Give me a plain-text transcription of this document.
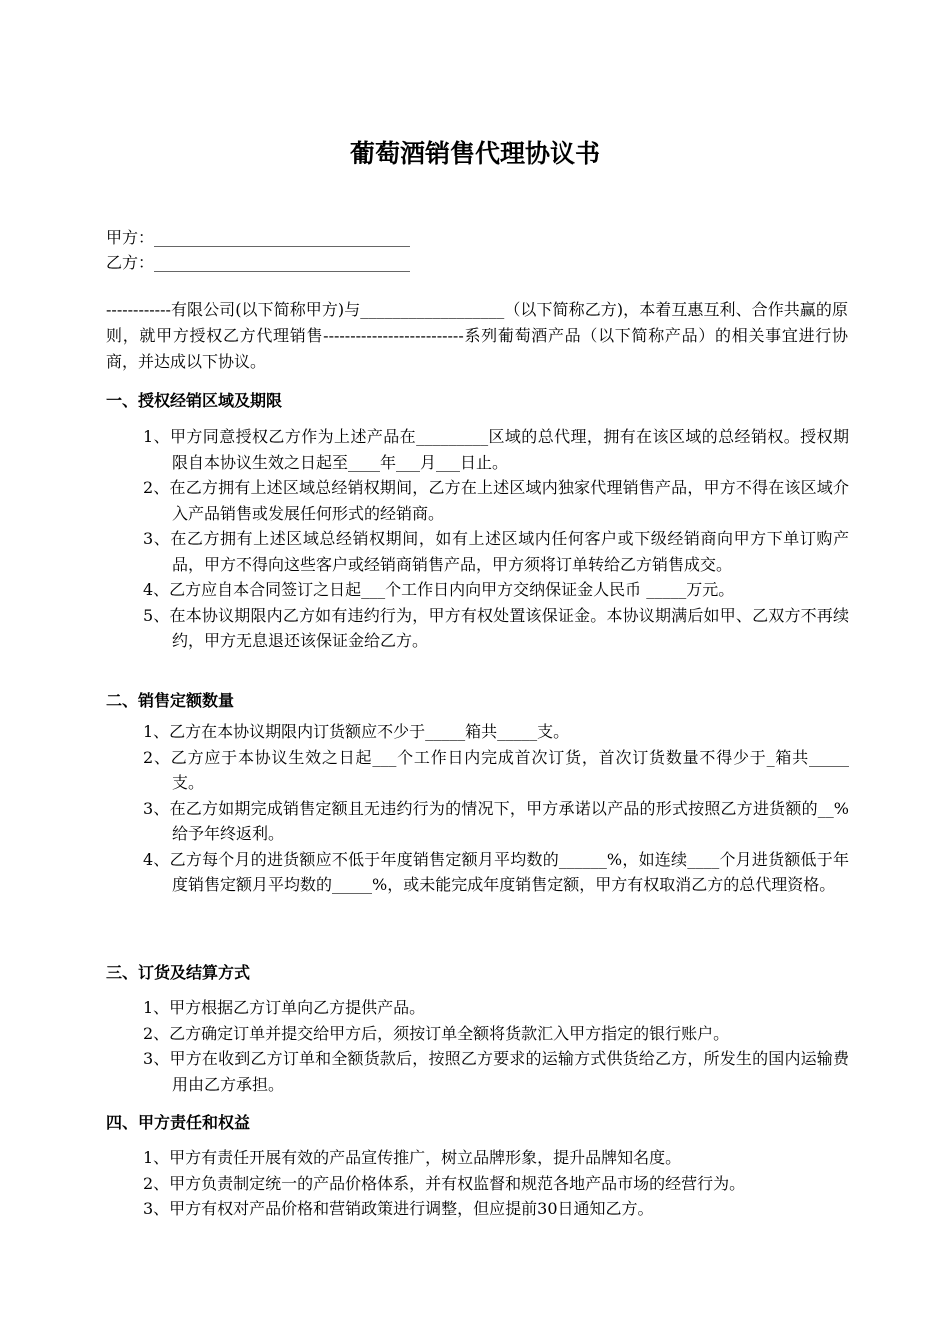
葡萄酒销售代理协议书
甲方：________________________________
乙方：________________________________
------------有限公司(以下简称甲方)与__________________（以下简称乙方)，本着互惠互利、合作共赢的原则，就甲方授权乙方代理销售--------------------------系列葡萄酒产品（以下简称产品）的相关事宜进行协商，并达成以下协议。
一、授权经销区域及期限
1、甲方同意授权乙方作为上述产品在_________区域的总代理，拥有在该区域的总经销权。授权期限自本协议生效之日起至____年___月___日止。
2、在乙方拥有上述区域总经销权期间，乙方在上述区域内独家代理销售产品，甲方不得在该区域介入产品销售或发展任何形式的经销商。
3、在乙方拥有上述区域总经销权期间，如有上述区域内任何客户或下级经销商向甲方下单订购产品，甲方不得向这些客户或经销商销售产品，甲方须将订单转给乙方销售成交。
4、乙方应自本合同签订之日起___个工作日内向甲方交纳保证金人民币 _____万元。
5、在本协议期限内乙方如有违约行为，甲方有权处置该保证金。本协议期满后如甲、乙双方不再续约，甲方无息退还该保证金给乙方。
二、销售定额数量
1、乙方在本协议期限内订货额应不少于_____箱共_____支。
2、乙方应于本协议生效之日起___个工作日内完成首次订货，首次订货数量不得少于_箱共_____支。
3、在乙方如期完成销售定额且无违约行为的情况下，甲方承诺以产品的形式按照乙方进货额的__%给予年终返利。
4、乙方每个月的进货额应不低于年度销售定额月平均数的______%，如连续____个月进货额低于年度销售定额月平均数的_____%，或未能完成年度销售定额，甲方有权取消乙方的总代理资格。
三、订货及结算方式
1、甲方根据乙方订单向乙方提供产品。
2、乙方确定订单并提交给甲方后，须按订单全额将货款汇入甲方指定的银行账户。
3、甲方在收到乙方订单和全额货款后，按照乙方要求的运输方式供货给乙方，所发生的国内运输费用由乙方承担。
四、甲方责任和权益
1、甲方有责任开展有效的产品宣传推广，树立品牌形象，提升品牌知名度。
2、甲方负责制定统一的产品价格体系，并有权监督和规范各地产品市场的经营行为。
3、甲方有权对产品价格和营销政策进行调整，但应提前30日通知乙方。
